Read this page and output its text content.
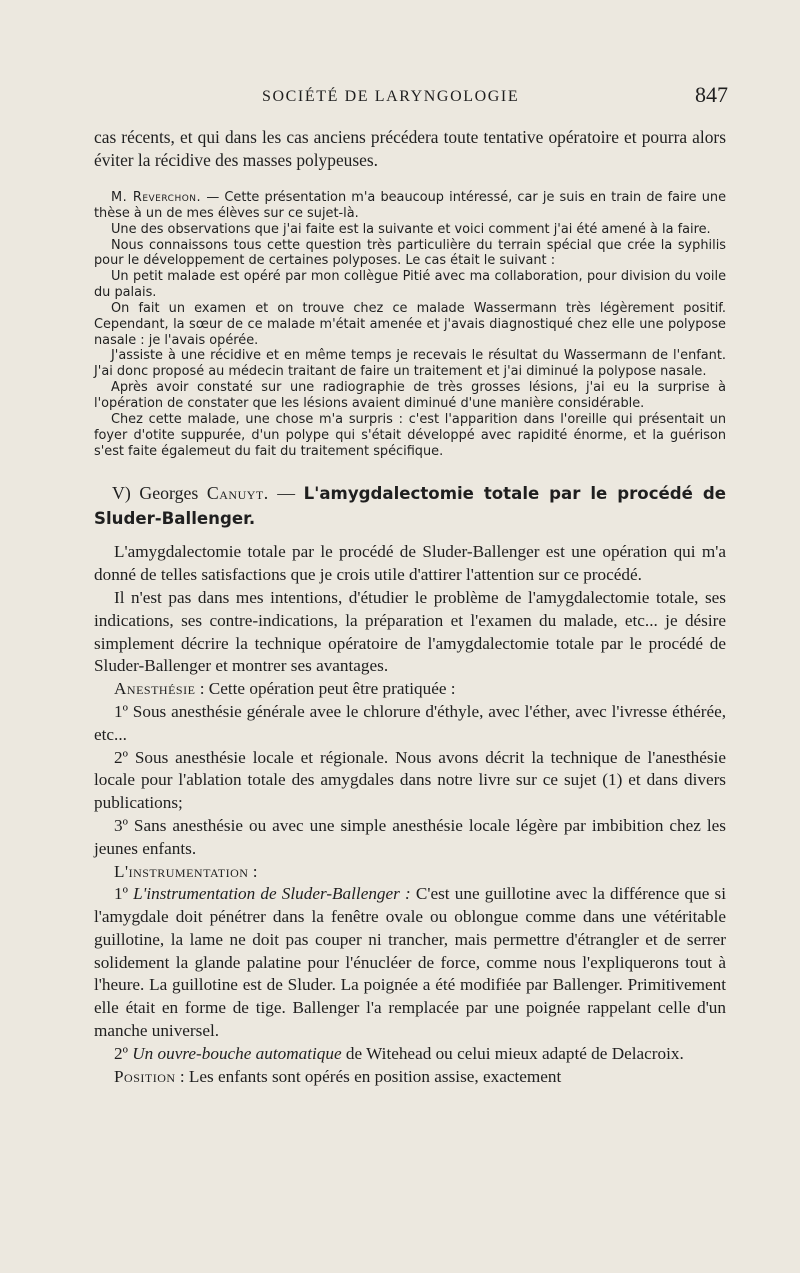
SOCIÉTÉ DE LARYNGOLOGIE	847

cas récents, et qui dans les cas anciens précédera toute tentative opératoire et pourra alors éviter la récidive des masses polypeuses.

M. Reverchon. — Cette présentation m'a beaucoup intéressé, car je suis en train de faire une thèse à un de mes élèves sur ce sujet-là.

Une des observations que j'ai faite est la suivante et voici comment j'ai été amené à la faire.

Nous connaissons tous cette question très particulière du terrain spécial que crée la syphilis pour le développement de certaines polyposes. Le cas était le suivant :

Un petit malade est opéré par mon collègue Pitié avec ma collaboration, pour division du voile du palais.

On fait un examen et on trouve chez ce malade Wassermann très légèrement positif. Cependant, la sœur de ce malade m'était amenée et j'avais diagnostiqué chez elle une polypose nasale : je l'avais opérée.

J'assiste à une récidive et en même temps je recevais le résultat du Wassermann de l'enfant. J'ai donc proposé au médecin traitant de faire un traitement et j'ai diminué la polypose nasale.

Après avoir constaté sur une radiographie de très grosses lésions, j'ai eu la surprise à l'opération de constater que les lésions avaient diminué d'une manière considérable.

Chez cette malade, une chose m'a surpris : c'est l'apparition dans l'oreille qui présentait un foyer d'otite suppurée, d'un polype qui s'était développé avec rapidité énorme, et la guérison s'est faite égalemeut du fait du traitement spécifique.

V) Georges Canuyt. — L'amygdalectomie totale par le procédé de Sluder-Ballenger.

L'amygdalectomie totale par le procédé de Sluder-Ballenger est une opération qui m'a donné de telles satisfactions que je crois utile d'attirer l'attention sur ce procédé.

Il n'est pas dans mes intentions, d'étudier le problème de l'amygdalectomie totale, ses indications, ses contre-indications, la préparation et l'examen du malade, etc... je désire simplement décrire la technique opératoire de l'amygdalectomie totale par le procédé de Sluder-Ballenger et montrer ses avantages.

Anesthésie : Cette opération peut être pratiquée :

1º Sous anesthésie générale avee le chlorure d'éthyle, avec l'éther, avec l'ivresse éthérée, etc...

2º Sous anesthésie locale et régionale. Nous avons décrit la technique de l'anesthésie locale pour l'ablation totale des amygdales dans notre livre sur ce sujet (1) et dans divers publications;

3º Sans anesthésie ou avec une simple anesthésie locale légère par imbibition chez les jeunes enfants.

L'instrumentation :

1º L'instrumentation de Sluder-Ballenger : C'est une guillotine avec la différence que si l'amygdale doit pénétrer dans la fenêtre ovale ou oblongue comme dans une vétéritable guillotine, la lame ne doit pas couper ni trancher, mais permettre d'étrangler et de serrer solidement la glande palatine pour l'énucléer de force, comme nous l'expliquerons tout à l'heure. La guillotine est de Sluder. La poignée a été modifiée par Ballenger. Primitivement elle était en forme de tige. Ballenger l'a remplacée par une poignée rappelant celle d'un manche universel.

2º Un ouvre-bouche automatique de Witehead ou celui mieux adapté de Delacroix.

Position : Les enfants sont opérés en position assise, exactement
